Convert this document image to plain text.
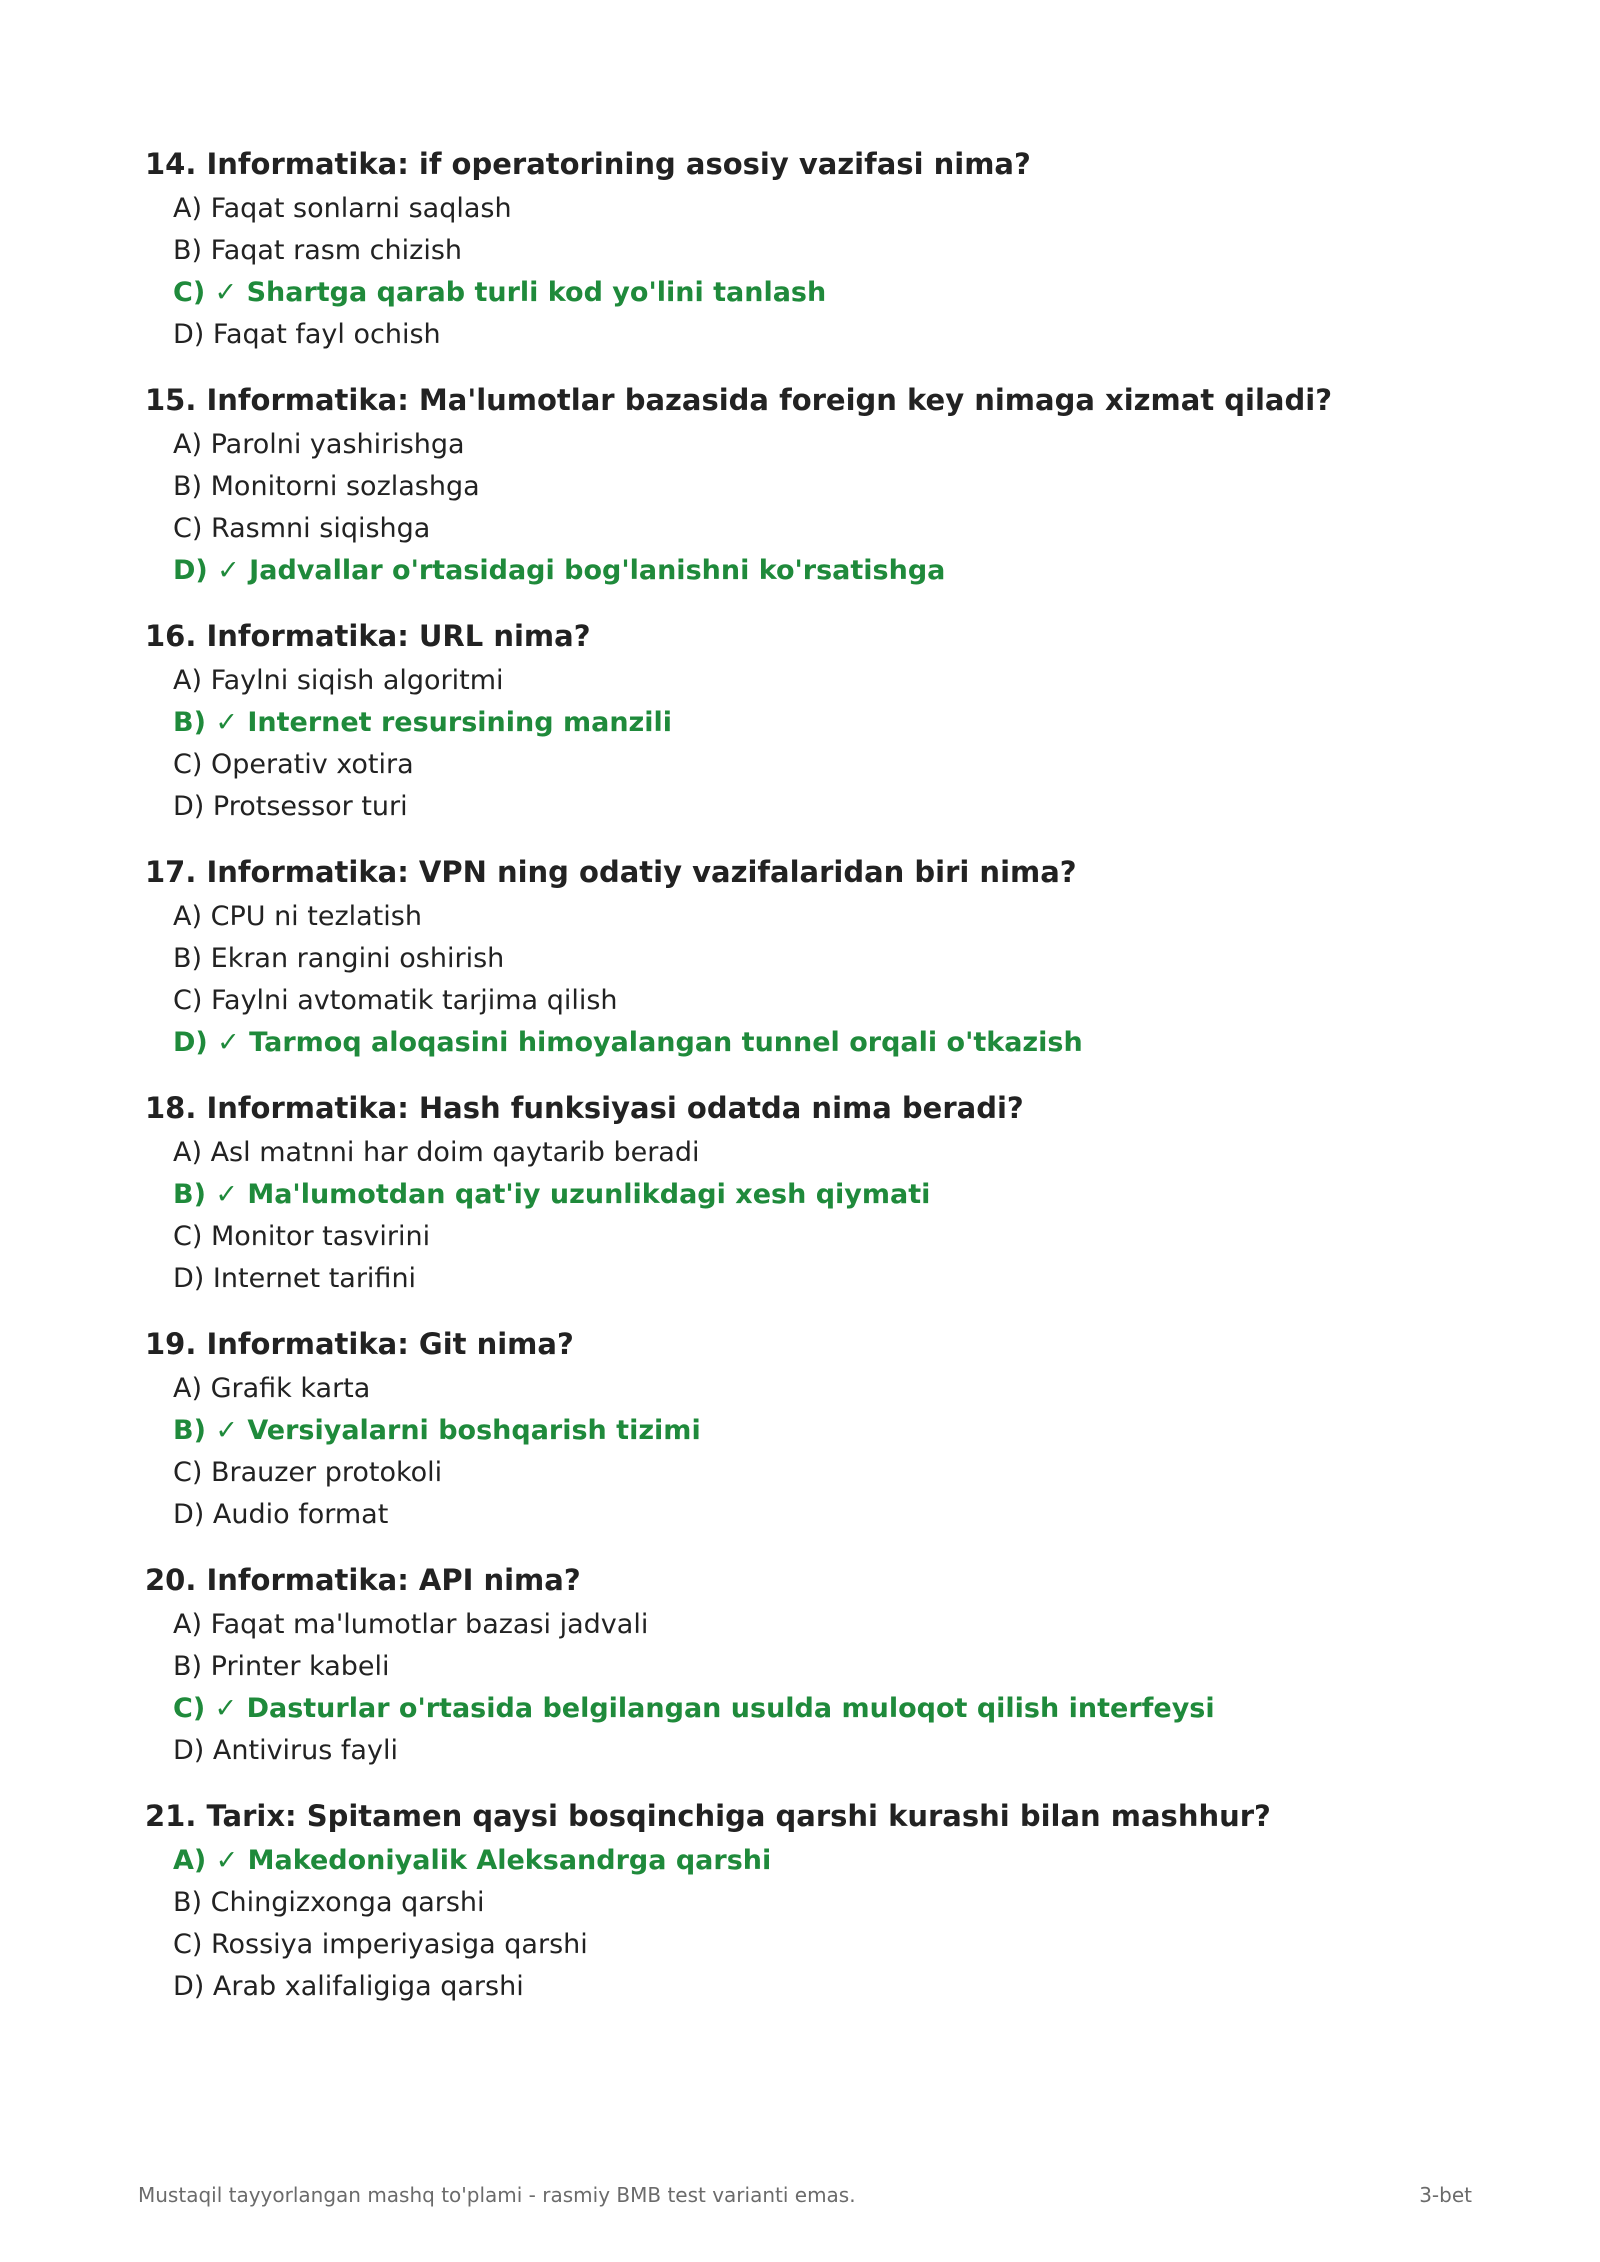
14. Informatika: if operatorining asosiy vazifasi nima?
A) Faqat sonlarni saqlash
B) Faqat rasm chizish
C) ✓ Shartga qarab turli kod yo'lini tanlash
D) Faqat fayl ochish
15. Informatika: Ma'lumotlar bazasida foreign key nimaga xizmat qiladi?
A) Parolni yashirishga
B) Monitorni sozlashga
C) Rasmni siqishga
D) ✓ Jadvallar o'rtasidagi bog'lanishni ko'rsatishga
16. Informatika: URL nima?
A) Faylni siqish algoritmi
B) ✓ Internet resursining manzili
C) Operativ xotira
D) Protsessor turi
17. Informatika: VPN ning odatiy vazifalaridan biri nima?
A) CPU ni tezlatish
B) Ekran rangini oshirish
C) Faylni avtomatik tarjima qilish
D) ✓ Tarmoq aloqasini himoyalangan tunnel orqali o'tkazish
18. Informatika: Hash funksiyasi odatda nima beradi?
A) Asl matnni har doim qaytarib beradi
B) ✓ Ma'lumotdan qat'iy uzunlikdagi xesh qiymati
C) Monitor tasvirini
D) Internet tarifini
19. Informatika: Git nima?
A) Grafik karta
B) ✓ Versiyalarni boshqarish tizimi
C) Brauzer protokoli
D) Audio format
20. Informatika: API nima?
A) Faqat ma'lumotlar bazasi jadvali
B) Printer kabeli
C) ✓ Dasturlar o'rtasida belgilangan usulda muloqot qilish interfeysi
D) Antivirus fayli
21. Tarix: Spitamen qaysi bosqinchiga qarshi kurashi bilan mashhur?
A) ✓ Makedoniyalik Aleksandrga qarshi
B) Chingizxonga qarshi
C) Rossiya imperiyasiga qarshi
D) Arab xalifaligiga qarshi
Mustaqil tayyorlangan mashq to'plami - rasmiy BMB test varianti emas.	3-bet
